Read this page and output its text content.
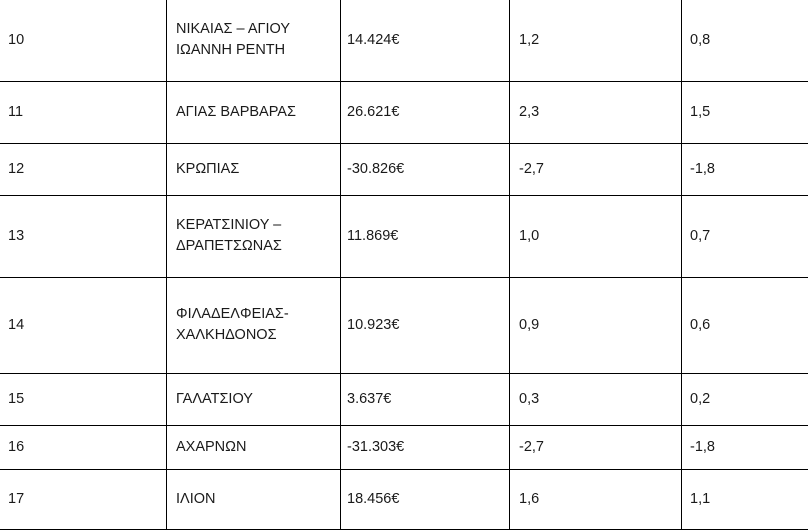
10	ΝΙΚΑΙΑΣ – ΑΓΙΟΥ
ΙΩΑΝΝΗ ΡΕΝΤΗ	14.424€	1,2	0,8
11	ΑΓΙΑΣ ΒΑΡΒΑΡΑΣ	26.621€	2,3	1,5
12	ΚΡΩΠΙΑΣ	-30.826€	-2,7	-1,8
13	ΚΕΡΑΤΣΙΝΙΟΥ –
ΔΡΑΠΕΤΣΩΝΑΣ	11.869€	1,0	0,7
14	ΦΙΛΑΔΕΛΦΕΙΑΣ-
ΧΑΛΚΗΔΟΝΟΣ	10.923€	0,9	0,6
15	ΓΑΛΑΤΣΙΟΥ	3.637€	0,3	0,2
16	ΑΧΑΡΝΩΝ	-31.303€	-2,7	-1,8
17	ΙΛΙΟΝ	18.456€	1,6	1,1
